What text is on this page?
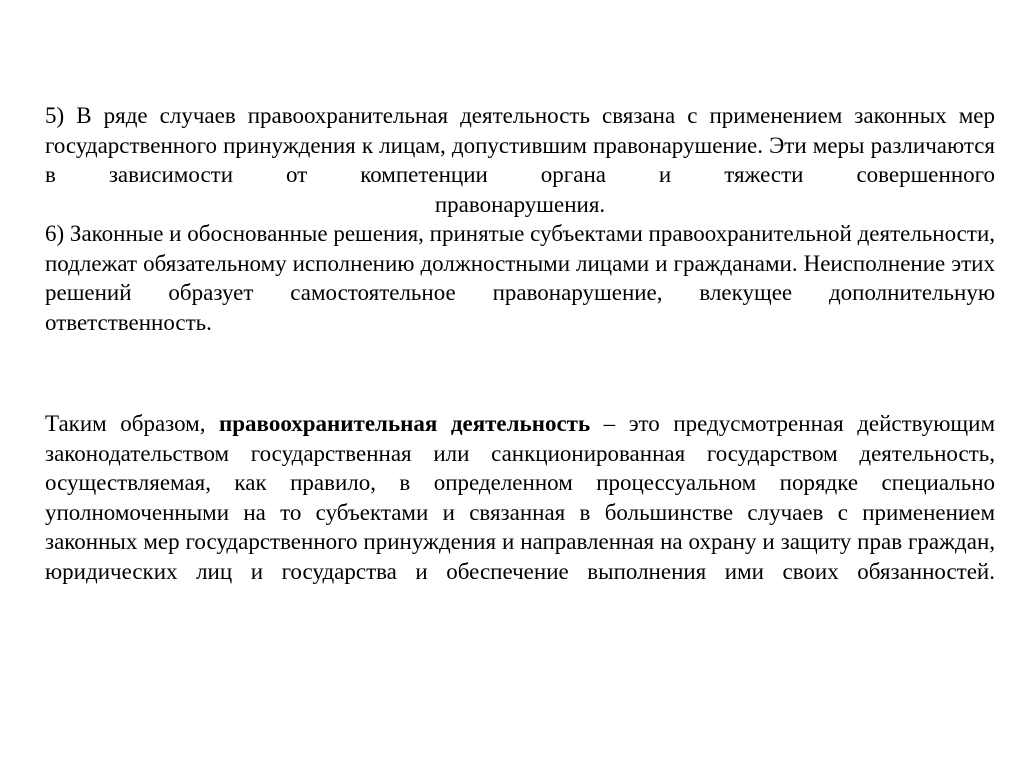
5) В ряде случаев правоохранительная деятельность связана с применением законных мер государственного принуждения к лицам, допустившим правонарушение. Эти меры различаются в зависимости от компетенции органа и тяжести совершенного

правонарушения.

6) Законные и обоснованные решения, принятые субъектами правоохранительной деятельности, подлежат обязательному исполнению должностными лицами и гражданами. Неисполнение этих решений образует самостоятельное правонарушение, влекущее дополнительную ответственность.

Таким образом, правоохранительная деятельность – это предусмотренная действующим законодательством государственная или санкционированная государством деятельность, осуществляемая, как правило, в определенном процессуальном порядке специально уполномоченными на то субъектами и связанная в большинстве случаев с применением законных мер государственного принуждения и направленная на охрану и защиту прав граждан, юридических лиц и государства и обеспечение выполнения ими своих обязанностей.
